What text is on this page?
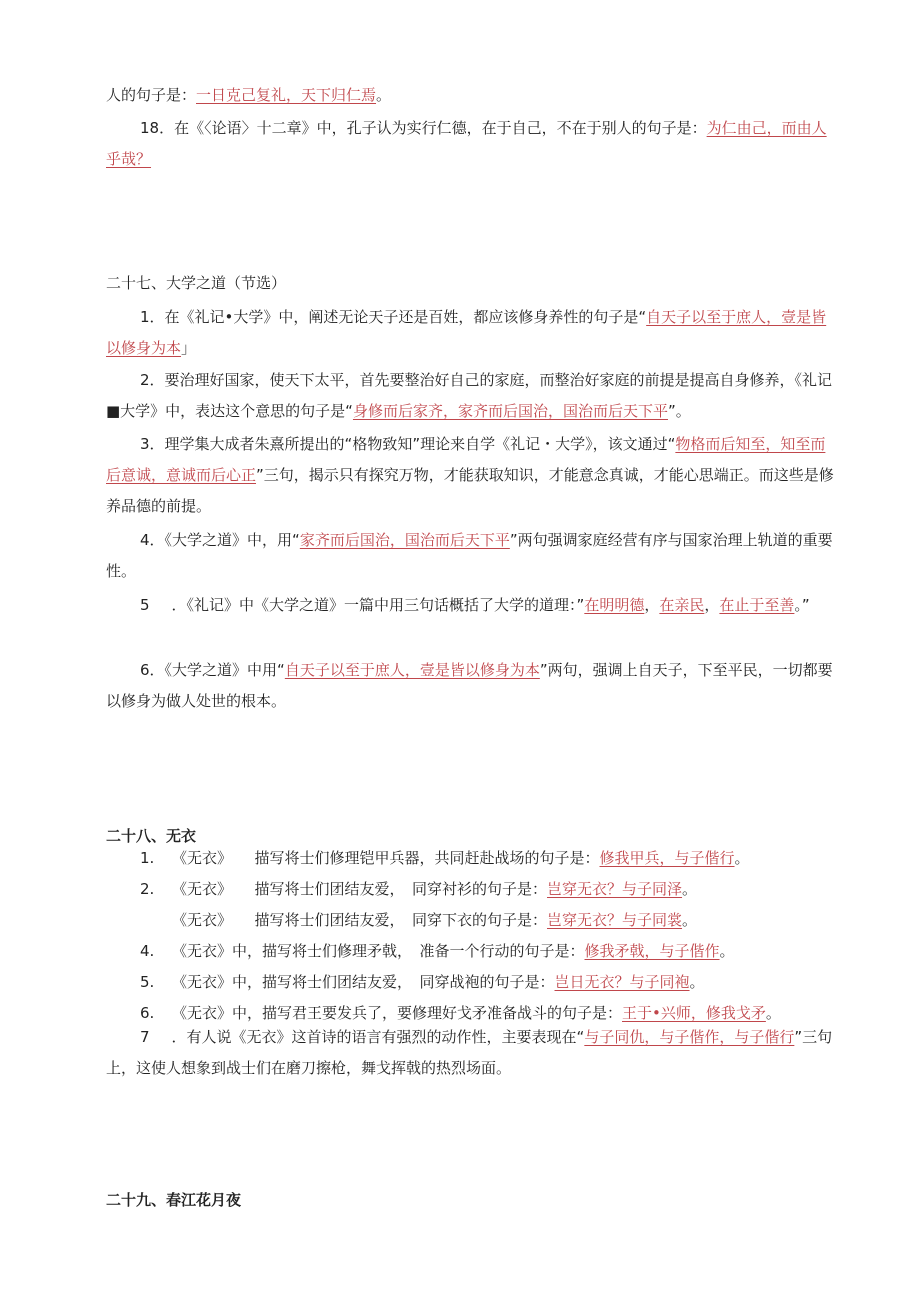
人的句子是：一日克己复礼，天下归仁焉。

18．在《〈论语〉十二章》中，孔子认为实行仁德，在于自己，不在于别人的句子是：为仁由己，而由人乎哉？

二十七、大学之道（节选）

1．在《礼记•大学》中，阐述无论天子还是百姓，都应该修身养性的句子是“自天子以至于庶人，壹是皆以修身为本」

2．要治理好国家，使天下太平，首先要整治好自己的家庭，而整治好家庭的前提是提高自身修养，《礼记■大学》中，表达这个意思的句子是“身修而后家齐，家齐而后国治，国治而后天下平”。

3．理学集大成者朱熹所提出的“格物致知”理论来自学《礼记・大学》，该文通过“物格而后知至，知至而后意诚，意诚而后心正”三句，揭示只有探究万物，才能获取知识，才能意念真诚，才能心思端正。而这些是修养品德的前提。

4．《大学之道》中，用“家齐而后国治，国治而后天下平”两句强调家庭经营有序与国家治理上轨道的重要性。

5 ．《礼记》中《大学之道》一篇中用三句话概括了大学的道理：”在明明德，在亲民，在止于至善。”

6．《大学之道》中用“自天子以至于庶人，壹是皆以修身为本”两句，强调上自天子，下至平民，一切都要以修身为做人处世的根本。

二十八、无衣

1. 《无衣》　　描写将士们修理铠甲兵器，共同赶赴战场的句子是：修我甲兵，与子偕行。
2. 《无衣》　　描写将士们团结友爱，　同穿衬衫的句子是：岂穿无衣？与子同泽。
《无衣》　　描写将士们团结友爱，　同穿下衣的句子是：岂穿无衣？与子同裳。
4. 《无衣》中，描写将士们修理矛戟，　准备一个行动的句子是：修我矛戟，与子偕作。
5. 《无衣》中，描写将士们团结友爱，　同穿战袍的句子是：岂日无衣？与子同袍。
6. 《无衣》中，描写君王要发兵了，要修理好戈矛准备战斗的句子是：王于•兴师，修我戈矛。

7 ．有人说《无衣》这首诗的语言有强烈的动作性，主要表现在“与子同仇，与子偕作，与子偕行”三句上，这使人想象到战士们在磨刀擦枪，舞戈挥戟的热烈场面。

二十九、春江花月夜
